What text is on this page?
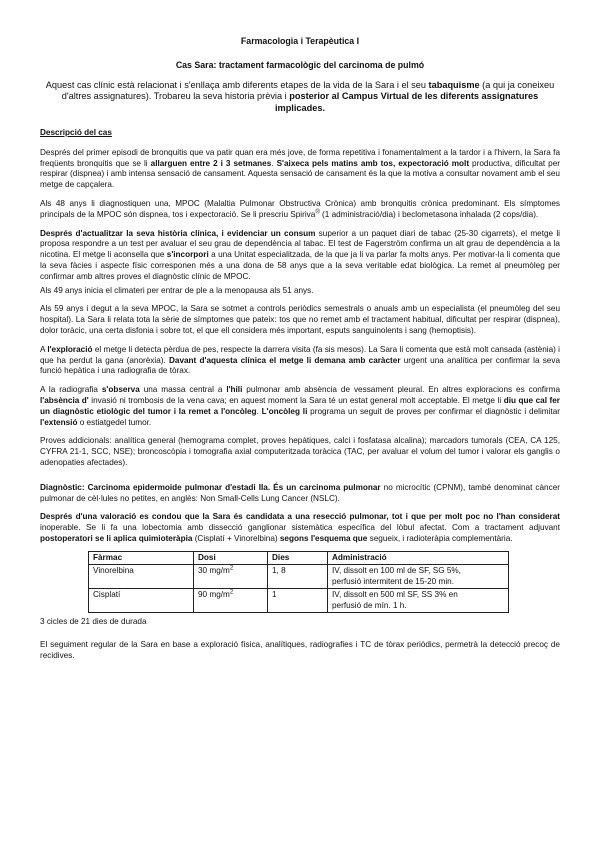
Farmacologia i Terapèutica I

Cas Sara: tractament farmacològic del carcinoma de pulmó

Aquest cas clínic està relacionat i s'enllaça amb diferents etapes de la vida de la Sara i el seu tabaquisme (a qui ja coneixeu d'altres assignatures). Trobareu la seva historia prèvia i posterior al Campus Virtual de les diferents assignatures implicades.

Descripció del cas

Després del primer episodi de bronquitis que va patir quan era més jove, de forma repetitiva i fonamentalment a la tardor i a l'hivern, la Sara fa freqüents bronquitis que se li allarguen entre 2 i 3 setmanes. S'aixeca pels matins amb tos, expectoració molt productiva, dificultat per respirar (dispnea) i amb intensa sensació de cansament. Aquesta sensació de cansament és la que la motiva a consultar novament amb el seu metge de capçalera.

Als 48 anys li diagnostiquen una, MPOC (Malaltia Pulmonar Obstructiva Crònica) amb bronquitis crònica predominant. Els símptomes principals de la MPOC són dispnea, tos i expectoració. Se li prescriu Spiriva® (1 administració/dia) i beclometasona inhalada (2 cops/dia).

Després d'actualitzar la seva història clínica, i evidenciar un consum superior a un paquet diari de tabac (25-30 cigarrets), el metge li proposa respondre a un test per avaluar el seu grau de dependència al tabac. El test de Fagerström confirma un alt grau de dependència a la nicotina. El metge li aconsella que s'incorpori a una Unitat especialitzada, de la que ja li va parlar fa molts anys. Per motivar-la li comenta que la seva fàcies i aspecte físic corresponen més a una dona de 58 anys que a la seva veritable edat biològica. La remet al pneumòleg per confirmar amb altres proves el diagnòstic clínic de MPOC.

Als 49 anys inicia el climateri per entrar de ple a la menopausa als 51 anys.

Als 59 anys i degut a la seva MPOC, la Sara se sotmet a controls periòdics semestrals o anuals amb un especialista (el pneumòleg del seu hospital). La Sara li relata tota la sèrie de símptomes que pateix: tos que no remet amb el tractament habitual, dificultat per respirar (dispnea), dolor toràcic, una certa disfonia i sobre tot, el que ell considera més important, esputs sanguinolents i sang (hemoptisis).

A l'exploració el metge li detecta pèrdua de pes, respecte la darrera visita (fa sis mesos). La Sara li comenta que està molt cansada (astènia) i que ha perdut la gana (anorèxia). Davant d'aquesta clínica el metge li demana amb caràcter urgent una analítica per confirmar la seva funció hepàtica i una radiografia de tòrax.

A la radiografia s'observa una massa central a l'hili pulmonar amb absència de vessament pleural. En altres exploracions es confirma l'absència d' invasió ni trombosis de la vena cava; en aquest moment la Sara té un estat general molt acceptable. El metge li diu que cal fer un diagnòstic etiològic del tumor i la remet a l'oncòleg. L'oncòleg li programa un seguit de proves per confirmar el diagnòstic i delimitar l'extensió o estiatgedel tumor.

Proves addicionals: analítica general (hemograma complet, proves hepàtiques, calci i fosfatasa alcalina); marcadors tumorals (CEA, CA 125, CYFRA 21-1, SCC, NSE); broncoscòpia i tomografia axial computeritzada toràcica (TAC, per avaluar el volum del tumor i valorar els ganglis o adenopaties afectades).

Diagnòstic: Carcinoma epidermoide pulmonar d'estadi IIa. És un carcinoma pulmonar no microcític (CPNM), també denominat càncer pulmonar de cèl·lules no petites, en anglès: Non Small-Cells Lung Cancer (NSLC).

Després d'una valoració es condou que la Sara és candidata a una resecció pulmonar, tot i que per molt poc no l'han considerat inoperable. Se li fa una lobectomia amb dissecció ganglionar sistemàtica específica del lòbul afectat. Com a tractament adjuvant postoperatori se li aplica quimioteràpia (Cisplatí + Vinorelbina) segons l'esquema que segueix, i radioteràpia complementària.

Fàrmac	Dosi	Dies	Administració
Vinorelbina	30 $mg/m^2$	1, 8	IV, dissolt en 100 ml de SF, SG 5%,
perfusió intermitent de 15-20 min.
Cisplatí	90 $mg/m^2$	1	IV, dissolt en 500 ml SF, SS 3% en
perfusió de mín. 1 h.

3 cicles de 21 dies de durada

El seguiment regular de la Sara en base a exploració física, analítiques, radiografies i TC de tòrax periòdics, permetrà la detecció precoç de recidives.
